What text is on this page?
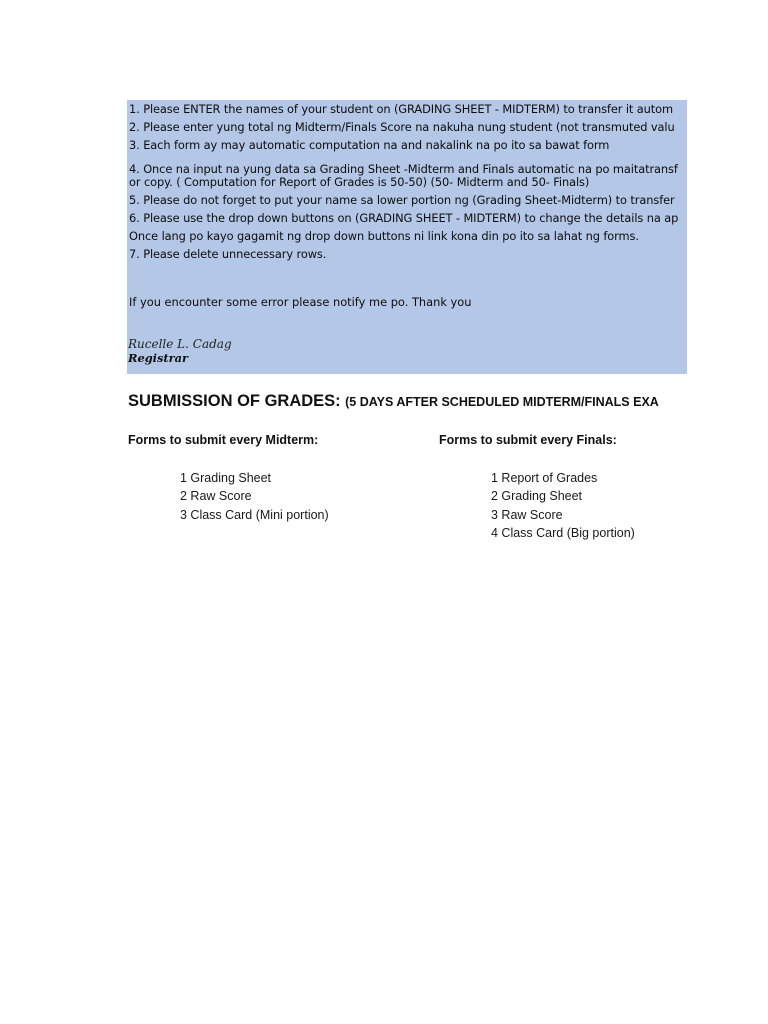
1. Please ENTER the names of your student on (GRADING SHEET - MIDTERM) to transfer it autom
2. Please enter yung total ng Midterm/Finals Score na nakuha nung student (not transmuted valu
3. Each form ay may automatic computation na and nakalink na po ito sa bawat form
4. Once na input na yung data sa Grading Sheet -Midterm and Finals automatic na po maitatransf
or copy. ( Computation for Report of Grades is 50-50) (50- Midterm and 50- Finals)
5. Please do not forget to put your name sa lower portion ng (Grading Sheet-Midterm) to transfer
6. Please use the drop down buttons on (GRADING SHEET - MIDTERM) to change the details na ap
Once lang po kayo gagamit ng drop down buttons ni link kona din po ito sa lahat ng forms.
7. Please delete unnecessary rows.
If you encounter some error please notify me po. Thank you
Rucelle L. Cadag
Registrar
SUBMISSION OF GRADES: (5 DAYS AFTER SCHEDULED MIDTERM/FINALS EXA
Forms to submit every Midterm:	Forms to submit every Finals:
1 Grading Sheet
2 Raw Score
3 Class Card (Mini portion)
1 Report of Grades
2 Grading Sheet
3 Raw Score
4 Class Card (Big portion)
